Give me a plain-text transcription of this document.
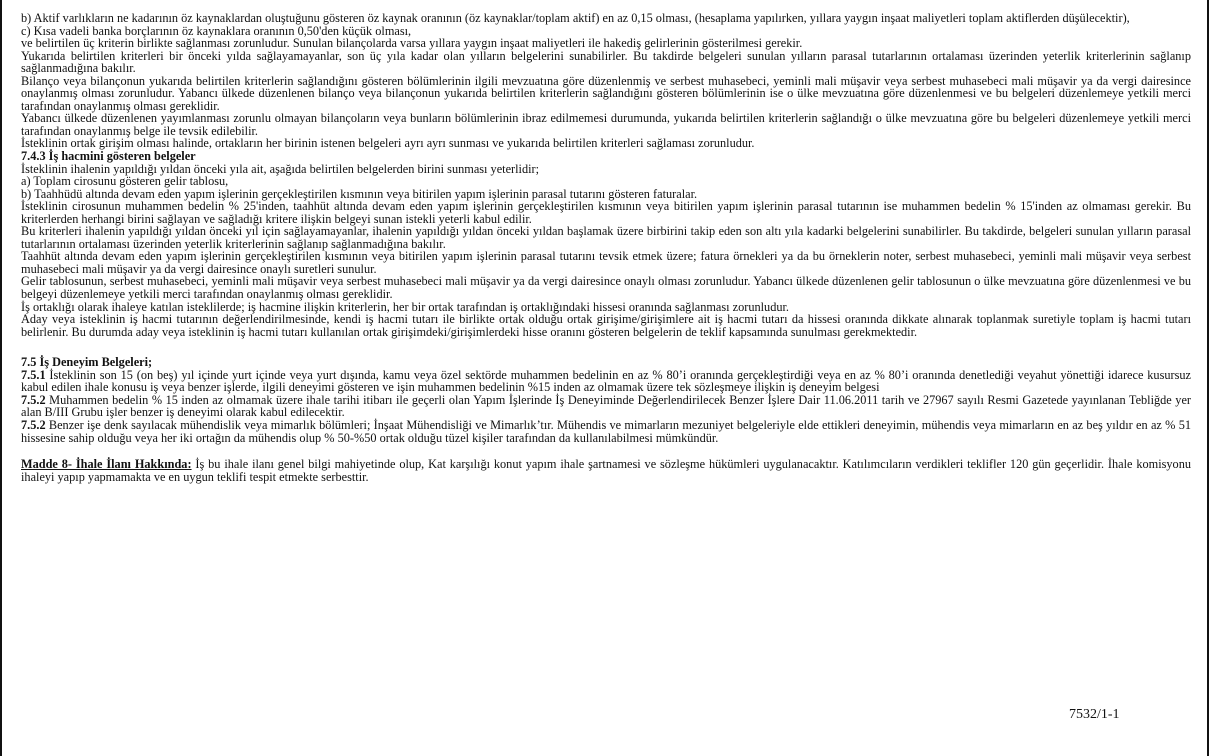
b) Aktif varlıkların ne kadarının öz kaynaklardan oluştuğunu gösteren öz kaynak oranının (öz kaynaklar/toplam aktif) en az 0,15 olması, (hesaplama yapılırken, yıllara yaygın inşaat maliyetleri toplam aktiflerden düşülecektir),

c) Kısa vadeli banka borçlarının öz kaynaklara oranının 0,50'den küçük olması,

ve belirtilen üç kriterin birlikte sağlanması zorunludur. Sunulan bilançolarda varsa yıllara yaygın inşaat maliyetleri ile hakediş gelirlerinin gösterilmesi gerekir.

Yukarıda belirtilen kriterleri bir önceki yılda sağlayamayanlar, son üç yıla kadar olan yılların belgelerini sunabilirler. Bu takdirde belgeleri sunulan yılların parasal tutarlarının ortalaması üzerinden yeterlik kriterlerinin sağlanıp sağlanmadığına bakılır.

Bilanço veya bilançonun yukarıda belirtilen kriterlerin sağlandığını gösteren bölümlerinin ilgili mevzuatına göre düzenlenmiş ve serbest muhasebeci, yeminli mali müşavir veya serbest muhasebeci mali müşavir ya da vergi dairesince onaylanmış olması zorunludur. Yabancı ülkede düzenlenen bilanço veya bilançonun yukarıda belirtilen kriterlerin sağlandığını gösteren bölümlerinin ise o ülke mevzuatına göre düzenlenmesi ve bu belgeleri düzenlemeye yetkili merci tarafından onaylanmış olması gereklidir.

Yabancı ülkede düzenlenen yayımlanması zorunlu olmayan bilançoların veya bunların bölümlerinin ibraz edilmemesi durumunda, yukarıda belirtilen kriterlerin sağlandığı o ülke mevzuatına göre bu belgeleri düzenlemeye yetkili merci tarafından onaylanmış belge ile tevsik edilebilir.

İsteklinin ortak girişim olması halinde, ortakların her birinin istenen belgeleri ayrı ayrı sunması ve yukarıda belirtilen kriterleri sağlaması zorunludur.

7.4.3 İş hacmini gösteren belgeler

İsteklinin ihalenin yapıldığı yıldan önceki yıla ait, aşağıda belirtilen belgelerden birini sunması yeterlidir;

a) Toplam cirosunu gösteren gelir tablosu,

b) Taahhüdü altında devam eden yapım işlerinin gerçekleştirilen kısmının veya bitirilen yapım işlerinin parasal tutarını gösteren faturalar.

İsteklinin cirosunun muhammen bedelin % 25'inden, taahhüt altında devam eden yapım işlerinin gerçekleştirilen kısmının veya bitirilen yapım işlerinin parasal tutarının ise muhammen bedelin % 15'inden az olmaması gerekir. Bu kriterlerden herhangi birini sağlayan ve sağladığı kritere ilişkin belgeyi sunan istekli yeterli kabul edilir.

Bu kriterleri ihalenin yapıldığı yıldan önceki yıl için sağlayamayanlar, ihalenin yapıldığı yıldan önceki yıldan başlamak üzere birbirini takip eden son altı yıla kadarki belgelerini sunabilirler. Bu takdirde, belgeleri sunulan yılların parasal tutarlarının ortalaması üzerinden yeterlik kriterlerinin sağlanıp sağlanmadığına bakılır.

Taahhüt altında devam eden yapım işlerinin gerçekleştirilen kısmının veya bitirilen yapım işlerinin parasal tutarını tevsik etmek üzere; fatura örnekleri ya da bu örneklerin noter, serbest muhasebeci, yeminli mali müşavir veya serbest muhasebeci mali müşavir ya da vergi dairesince onaylı suretleri sunulur.

Gelir tablosunun, serbest muhasebeci, yeminli mali müşavir veya serbest muhasebeci mali müşavir ya da vergi dairesince onaylı olması zorunludur. Yabancı ülkede düzenlenen gelir tablosunun o ülke mevzuatına göre düzenlenmesi ve bu belgeyi düzenlemeye yetkili merci tarafından onaylanmış olması gereklidir.

İş ortaklığı olarak ihaleye katılan isteklilerde; iş hacmine ilişkin kriterlerin, her bir ortak tarafından iş ortaklığındaki hissesi oranında sağlanması zorunludur.

Aday veya isteklinin iş hacmi tutarının değerlendirilmesinde, kendi iş hacmi tutarı ile birlikte ortak olduğu ortak girişime/girişimlere ait iş hacmi tutarı da hissesi oranında dikkate alınarak toplanmak suretiyle toplam iş hacmi tutarı belirlenir. Bu durumda aday veya isteklinin iş hacmi tutarı kullanılan ortak girişimdeki/girişimlerdeki hisse oranını gösteren belgelerin de teklif kapsamında sunulması gerekmektedir.

7.5 İş Deneyim Belgeleri;

7.5.1 İsteklinin son 15 (on beş) yıl içinde yurt içinde veya yurt dışında, kamu veya özel sektörde muhammen bedelinin en az % 80’i oranında gerçekleştirdiği veya en az % 80’i oranında denetlediği veyahut yönettiği idarece kusursuz kabul edilen ihale konusu iş veya benzer işlerde, ilgili deneyimi gösteren ve işin muhammen bedelinin %15 inden az olmamak üzere tek sözleşmeye ilişkin iş deneyim belgesi

7.5.2 Muhammen bedelin % 15 inden az olmamak üzere ihale tarihi itibarı ile geçerli olan Yapım İşlerinde İş Deneyiminde Değerlendirilecek Benzer İşlere Dair 11.06.2011 tarih ve 27967 sayılı Resmi Gazetede yayınlanan Tebliğde yer alan B/III Grubu işler benzer iş deneyimi olarak kabul edilecektir.

7.5.2 Benzer işe denk sayılacak mühendislik veya mimarlık bölümleri; İnşaat Mühendisliği ve Mimarlık’tır. Mühendis ve mimarların mezuniyet belgeleriyle elde ettikleri deneyimin, mühendis veya mimarların en az beş yıldır en az % 51 hissesine sahip olduğu veya her iki ortağın da mühendis olup % 50-%50 ortak olduğu tüzel kişiler tarafından da kullanılabilmesi mümkündür.

Madde 8- İhale İlanı Hakkında: İş bu ihale ilanı genel bilgi mahiyetinde olup, Kat karşılığı konut yapım ihale şartnamesi ve sözleşme hükümleri uygulanacaktır. Katılımcıların verdikleri teklifler 120 gün geçerlidir. İhale komisyonu ihaleyi yapıp yapmamakta ve en uygun teklifi tespit etmekte serbesttir.

7532/1-1
